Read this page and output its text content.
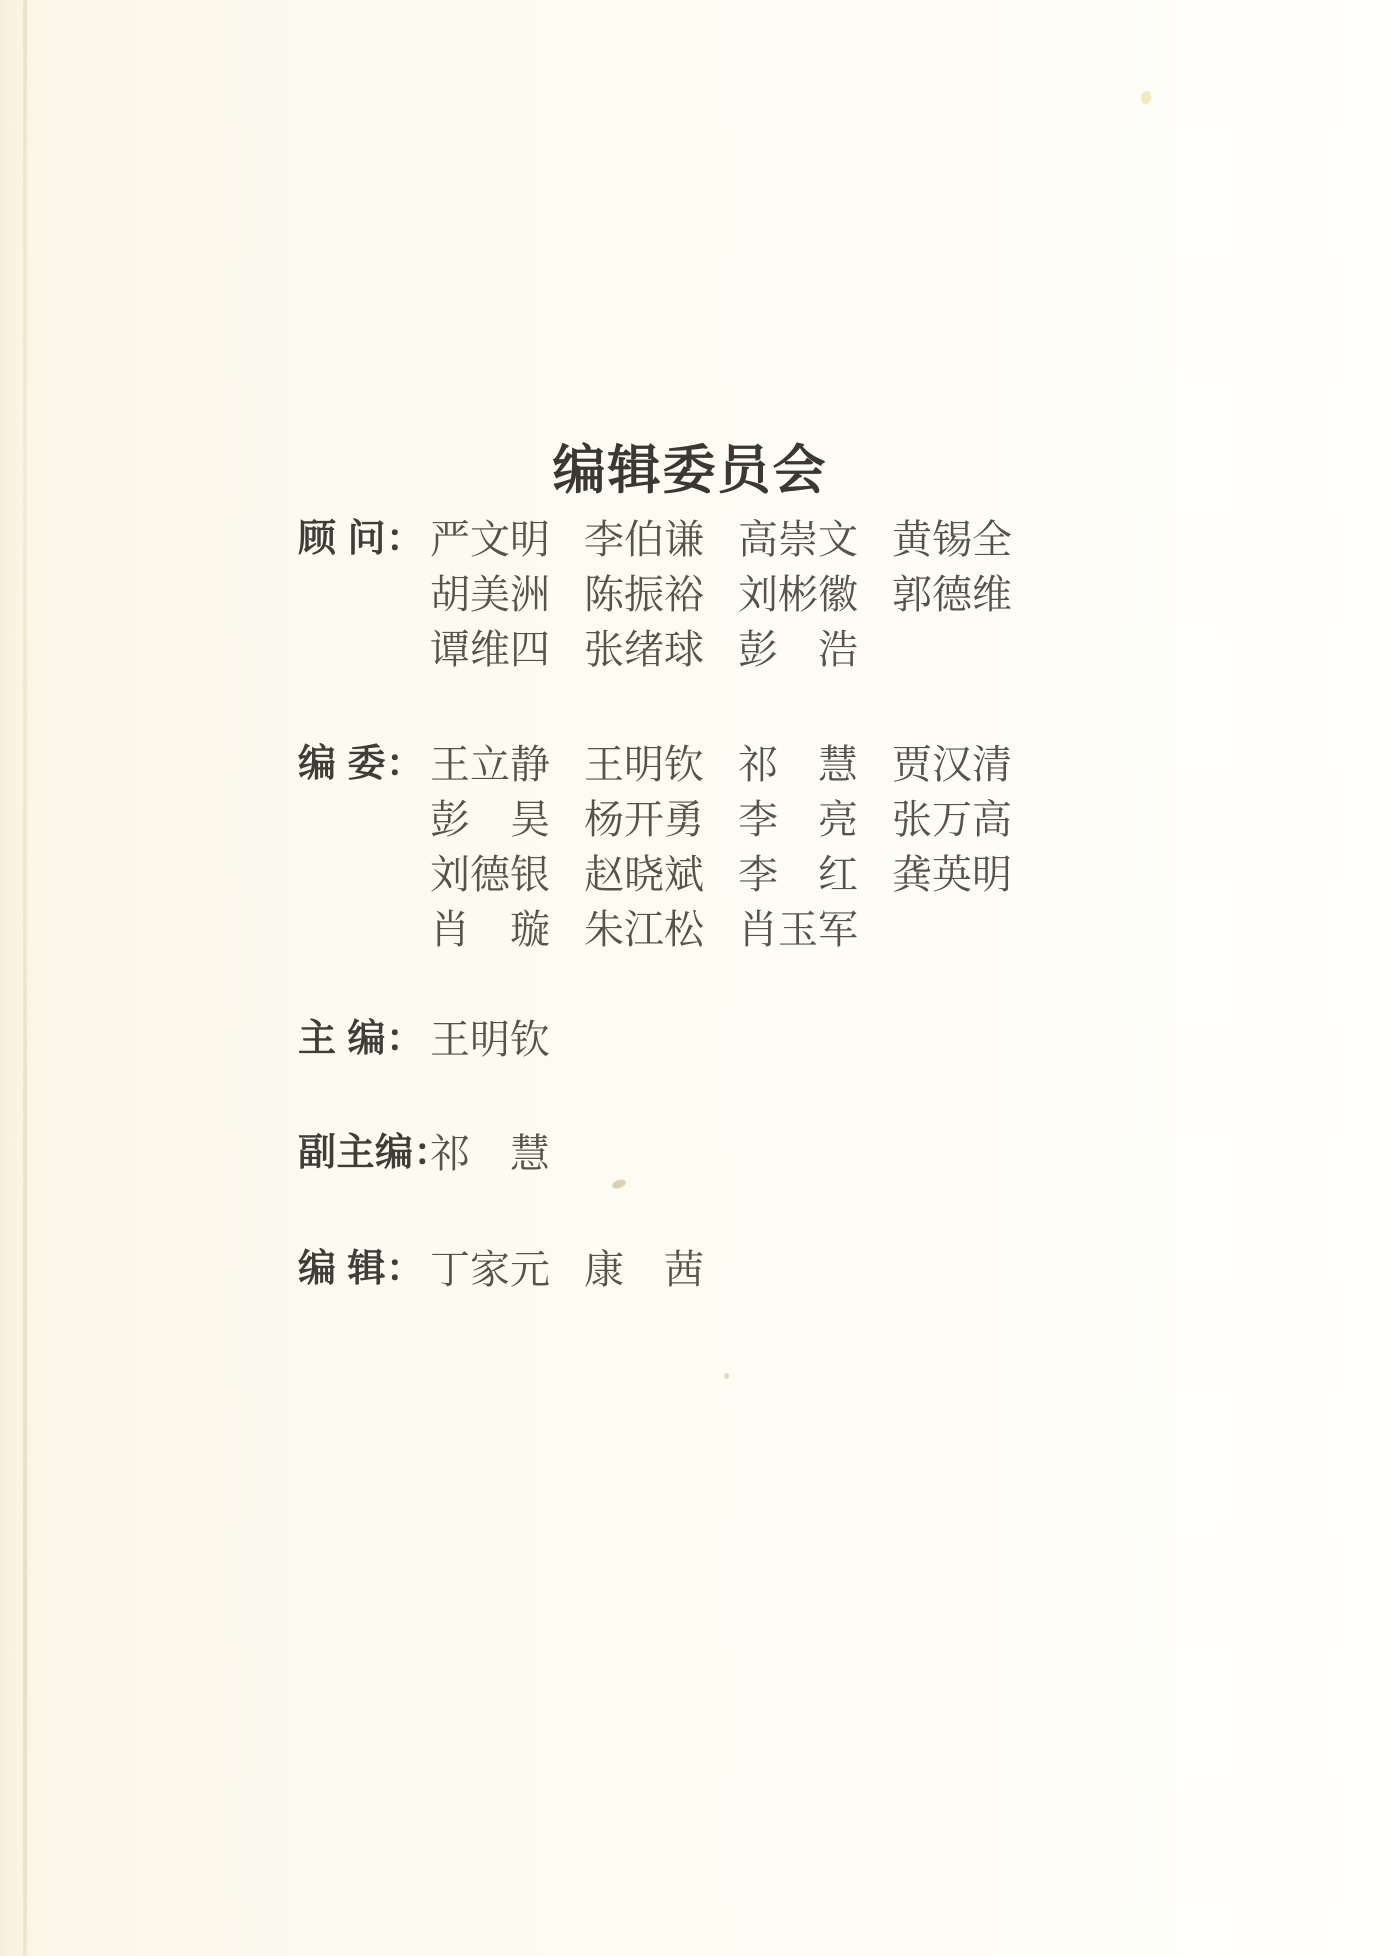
编辑委员会
顾 问： 严文明 李伯谦 高崇文 黄锡全
胡美洲 陈振裕 刘彬徽 郭德维
谭维四 张绪球 彭　浩
编 委： 王立静 王明钦 祁　慧 贾汉清
彭　昊 杨开勇 李　亮 张万高
刘德银 赵晓斌 李　红 龚英明
肖　璇 朱江松 肖玉军
主 编： 王明钦
副主编：
祁　慧
编 辑： 丁家元 康　茜
